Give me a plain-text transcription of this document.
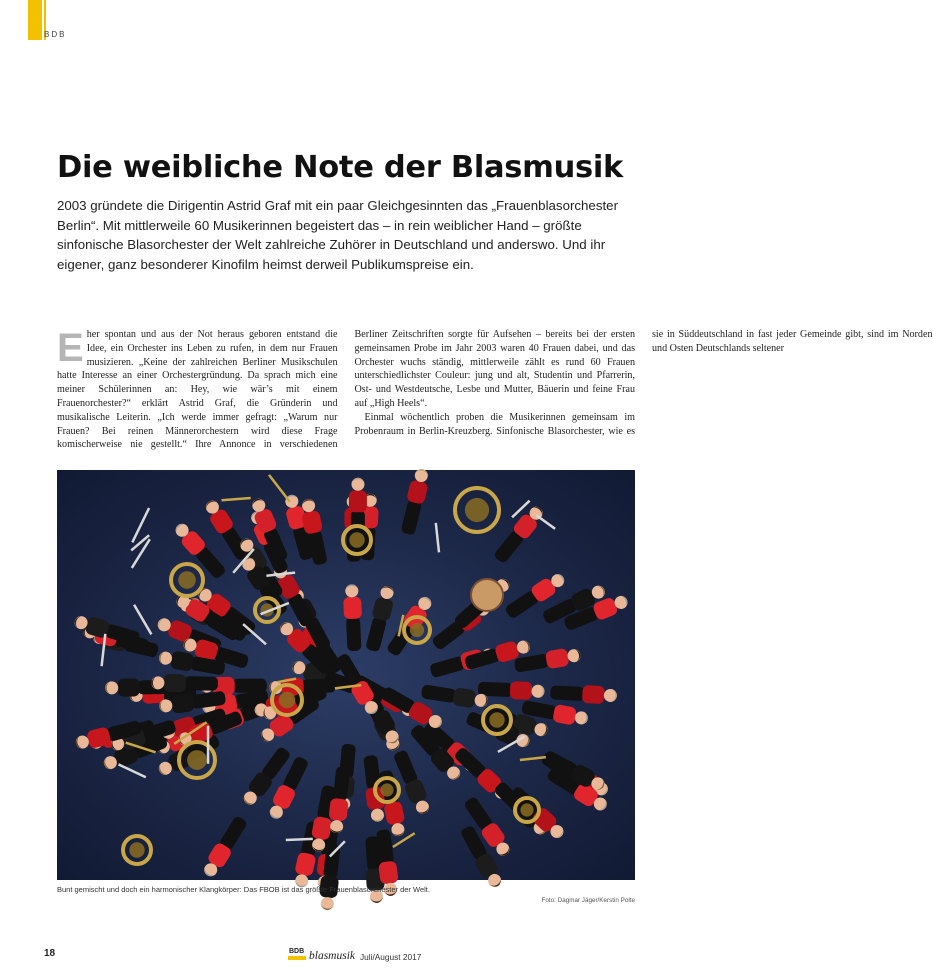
BDB
Die weibliche Note der Blasmusik

2003 gründete die Dirigentin Astrid Graf mit ein paar Gleichgesinnten das „Frauenblasorchester Berlin“. Mit mittlerweile 60 Musikerinnen begeistert das – in rein weiblicher Hand – größte sinfonische Blasorchester der Welt zahlreiche Zuhörer in Deutschland und anderswo. Und ihr eigener, ganz besonderer Kinofilm heimst derweil Publikumspreise ein.

Eher spontan und aus der Not heraus geboren entstand die Idee, ein Orchester ins Leben zu rufen, in dem nur Frauen musizieren. „Keine der zahlreichen Berliner Musikschulen hatte Interesse an einer Orchestergründung. Da sprach mich eine meiner Schülerinnen an: Hey, wie wär’s mit einem Frauenorchester?“ erklärt Astrid Graf, die Gründerin und musikalische Leiterin. „Ich werde immer gefragt: „Warum nur Frauen? Bei reinen Männerorchestern wird diese Frage komischerweise nie gestellt.“ Ihre Annonce in verschiedenen Berliner Zeitschriften sorgte für Aufsehen – bereits bei der ersten gemeinsamen Probe im Jahr 2003 waren 40 Frauen dabei, und das Orchester wuchs ständig, mittlerweile zählt es rund 60 Frauen unterschiedlichster Couleur: jung und alt, Studentin und Pfarrerin, Ost- und Westdeutsche, Lesbe und Mutter, Bäuerin und feine Frau auf „High Heels“.

Einmal wöchentlich proben die Musikerinnen gemeinsam im Probenraum in Berlin-Kreuzberg. Sinfonische Blasorchester, wie es sie in Süddeutschland in fast jeder Gemeinde gibt, sind im Norden und Osten Deutschlands seltener

Bunt gemischt und doch ein harmonischer Klangkörper: Das FBOB ist das größte Frauenblasorchester der Welt.

Foto: Dagmar Jäger/Kerstin Polte

18	BDB blasmusik Juli/August 2017
